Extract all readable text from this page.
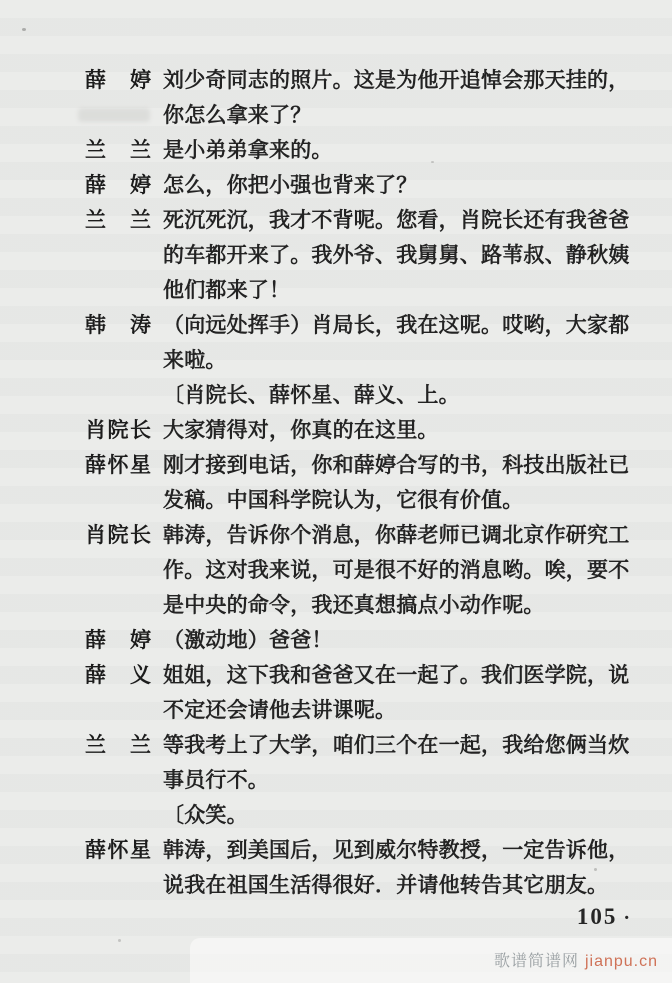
薛 婷 刘少奇同志的照片。这是为他开追悼会那天挂的，
你怎么拿来了？
兰 兰 是小弟弟拿来的。
薛 婷 怎么，你把小强也背来了？
兰 兰 死沉死沉，我才不背呢。您看，肖院长还有我爸爸
的车都开来了。我外爷、我舅舅、路苇叔、静秋姨
他们都来了！
韩 涛 （向远处挥手）肖局长，我在这呢。哎哟，大家都
来啦。
〔肖院长、薛怀星、薛义、上。
肖院长 大家猜得对，你真的在这里。
薛怀星 刚才接到电话，你和薛婷合写的书，科技出版社已
发稿。中国科学院认为，它很有价值。
肖院长 韩涛，告诉你个消息，你薛老师已调北京作研究工
作。这对我来说，可是很不好的消息哟。唉，要不
是中央的命令，我还真想搞点小动作呢。
薛 婷 （激动地）爸爸！
薛 义 姐姐，这下我和爸爸又在一起了。我们医学院，说
不定还会请他去讲课呢。
兰 兰 等我考上了大学，咱们三个在一起，我给您俩当炊
事员行不。
〔众笑。
薛怀星 韩涛，到美国后，见到威尔特教授，一定告诉他，
说我在祖国生活得很好．并请他转告其它朋友。
105 ·
歌谱简谱网 jianpu.cn
